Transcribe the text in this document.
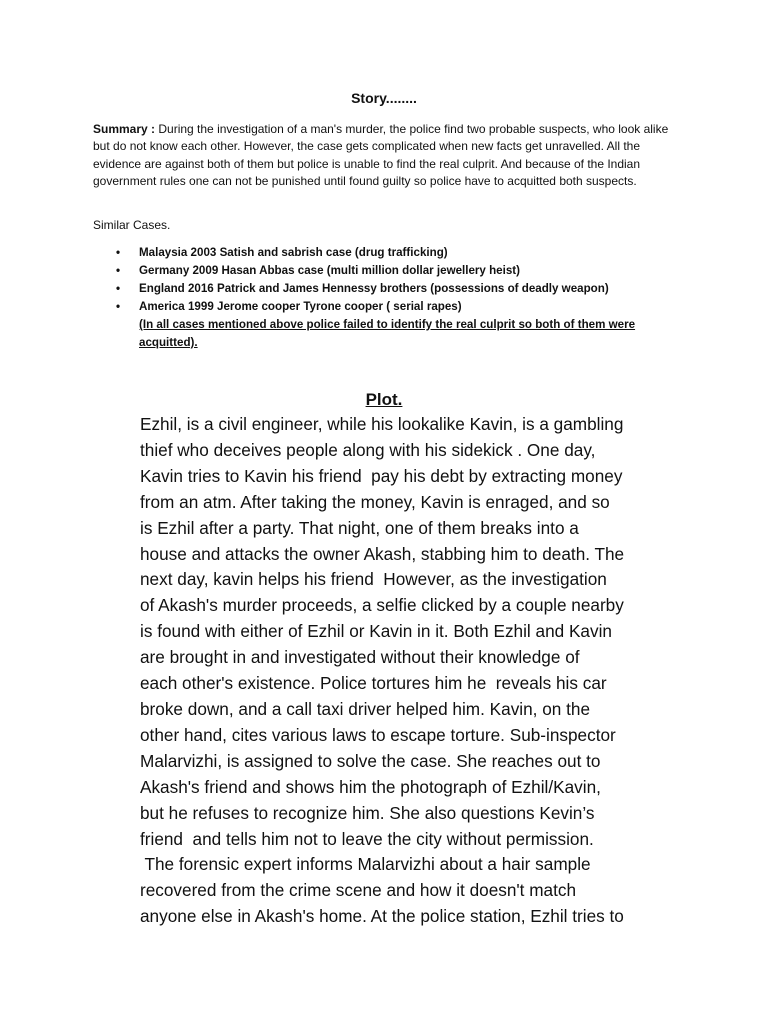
Story........
Summary : During the investigation of a man's murder, the police find two probable suspects, who look alike but do not know each other. However, the case gets complicated when new facts get unravelled. All the evidence are against both of them but police is unable to find the real culprit. And because of the Indian government rules one can not be punished until found guilty so police have to acquitted both suspects.
Similar Cases.
• Malaysia 2003 Satish and sabrish case (drug trafficking)
• Germany 2009 Hasan Abbas case (multi million dollar jewellery heist)
• England 2016 Patrick and James Hennessy brothers (possessions of deadly weapon)
• America 1999 Jerome cooper Tyrone cooper ( serial rapes)
(In all cases mentioned above police failed to identify the real culprit so both of them were acquitted).
Plot.
Ezhil, is a civil engineer, while his lookalike Kavin, is a gambling
thief who deceives people along with his sidekick . One day,
Kavin tries to Kavin his friend  pay his debt by extracting money
from an atm. After taking the money, Kavin is enraged, and so
is Ezhil after a party. That night, one of them breaks into a
house and attacks the owner Akash, stabbing him to death. The
next day, kavin helps his friend  However, as the investigation
of Akash's murder proceeds, a selfie clicked by a couple nearby
is found with either of Ezhil or Kavin in it. Both Ezhil and Kavin
are brought in and investigated without their knowledge of
each other's existence. Police tortures him he  reveals his car
broke down, and a call taxi driver helped him. Kavin, on the
other hand, cites various laws to escape torture. Sub-inspector
Malarvizhi, is assigned to solve the case. She reaches out to
Akash's friend and shows him the photograph of Ezhil/Kavin,
but he refuses to recognize him. She also questions Kevin’s
friend  and tells him not to leave the city without permission.
The forensic expert informs Malarvizhi about a hair sample
recovered from the crime scene and how it doesn't match
anyone else in Akash's home. At the police station, Ezhil tries to
